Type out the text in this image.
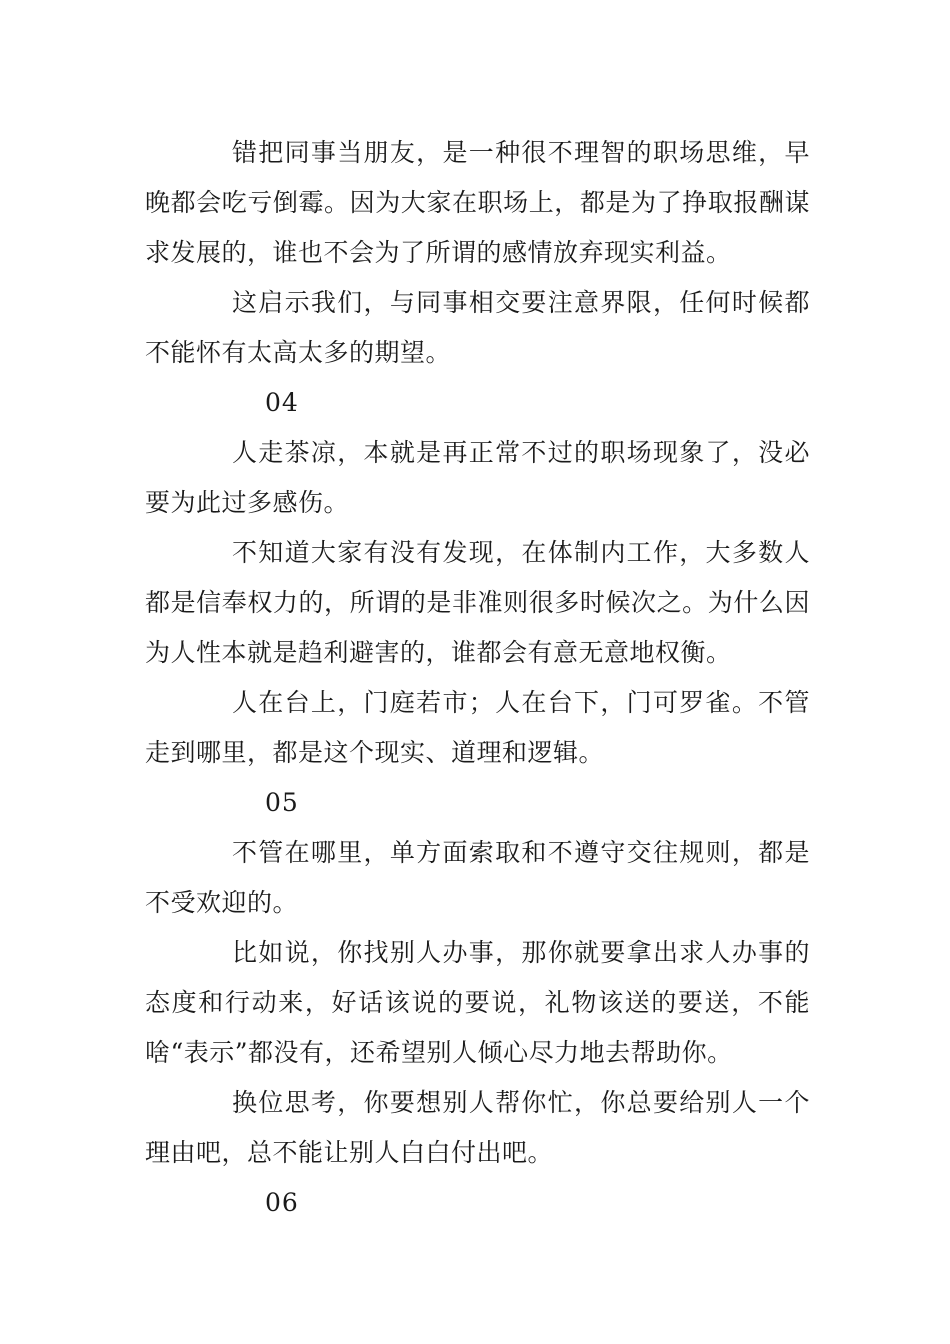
错把同事当朋友，是一种很不理智的职场思维，早晚都会吃亏倒霉。因为大家在职场上，都是为了挣取报酬谋求发展的，谁也不会为了所谓的感情放弃现实利益。

这启示我们，与同事相交要注意界限，任何时候都不能怀有太高太多的期望。

04

人走茶凉，本就是再正常不过的职场现象了，没必要为此过多感伤。

不知道大家有没有发现，在体制内工作，大多数人都是信奉权力的，所谓的是非准则很多时候次之。为什么因为人性本就是趋利避害的，谁都会有意无意地权衡。

人在台上，门庭若市；人在台下，门可罗雀。不管走到哪里，都是这个现实、道理和逻辑。

05

不管在哪里，单方面索取和不遵守交往规则，都是不受欢迎的。

比如说，你找别人办事，那你就要拿出求人办事的态度和行动来，好话该说的要说，礼物该送的要送，不能啥“表示”都没有，还希望别人倾心尽力地去帮助你。

换位思考，你要想别人帮你忙，你总要给别人一个理由吧，总不能让别人白白付出吧。

06
